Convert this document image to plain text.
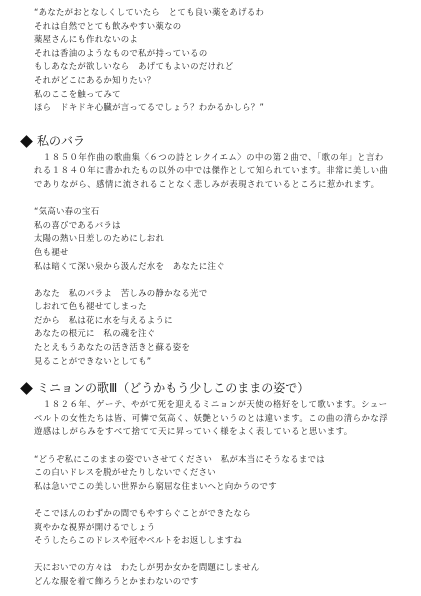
“あなたがおとなしくしていたら　とても良い薬をあげるわ
それは自然でとても飲みやすい薬なの
薬屋さんにも作れないのよ
それは香油のようなもので私が持っているの
もしあなたが欲しいなら　あげてもよいのだけれど
それがどこにあるか知りたい？
私のここを触ってみて
ほら　ドキドキ心臓が言ってるでしょう？わかるかしら？”
私のバラ
　１８５０年作曲の歌曲集〈６つの詩とレクイエム〉の中の第２曲で、「歌の年」と言わ
れる１８４０年に書かれたもの以外の中では傑作として知られています。非常に美しい曲
でありながら、感情に流されることなく悲しみが表現されているところに惹かれます。
“気高い春の宝石
私の喜びであるバラは
太陽の熱い日差しのためにしおれ
色も褪せ
私は暗くて深い泉から汲んだ水を　あなたに注ぐ
あなた　私のバラよ　苦しみの静かなる光で
しおれて色も褪せてしまった
だから　私は花に水を与えるように
あなたの根元に　私の魂を注ぐ
たとえもうあなたの活き活きと蘇る姿を
見ることができないとしても”
ミニョンの歌Ⅲ（どうかもう少しこのままの姿で）
　１８２６年、ゲーテ、やがて死を迎えるミニョンが天使の格好をして歌います。シュー
ベルトの女性たちは皆、可憐で気高く、妖艶というのとは違います。この曲の清らかな浮
遊感はしがらみをすべて捨てて天に昇っていく様をよく表していると思います。
“どうぞ私にこのままの姿でいさせてください　私が本当にそうなるまでは
この白いドレスを脱がせたりしないでください
私は急いでこの美しい世界から窮屈な住まいへと向かうのです
そこでほんのわずかの間でもやすらぐことができたなら
爽やかな視界が開けるでしょう
そうしたらこのドレスや冠やベルトをお返ししますね
天においでの方々は　わたしが男か女かを問題にしません
どんな服を着て飾ろうとかまわないのです
